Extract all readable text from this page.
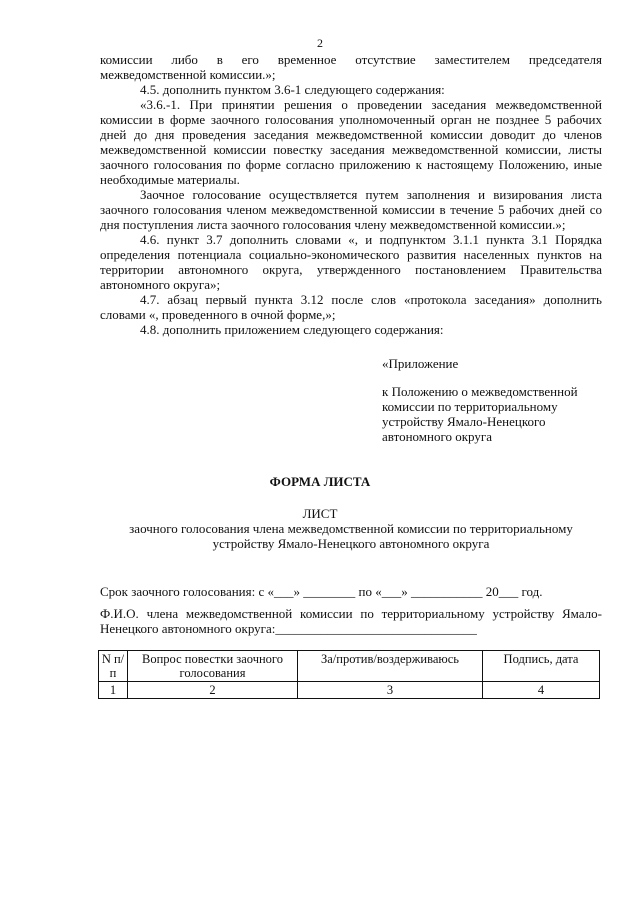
2

комиссии либо в его временное отсутствие заместителем председателя межведомственной комиссии.»;

4.5. дополнить пунктом 3.6-1 следующего содержания:

«3.6.-1. При принятии решения о проведении заседания межведомственной комиссии в форме заочного голосования уполномоченный орган не позднее 5 рабочих дней до дня проведения заседания межведомственной комиссии доводит до членов межведомственной комиссии повестку заседания межведомственной комиссии, листы заочного голосования по форме согласно приложению к настоящему Положению, иные необходимые материалы.

Заочное голосование осуществляется путем заполнения и визирования листа заочного голосования членом межведомственной комиссии в течение 5 рабочих дней со дня поступления листа заочного голосования члену межведомственной комиссии.»;

4.6. пункт 3.7 дополнить словами «, и подпунктом 3.1.1 пункта 3.1 Порядка определения потенциала социально-экономического развития населенных пунктов на территории автономного округа, утвержденного постановлением Правительства автономного округа»;

4.7. абзац первый пункта 3.12 после слов «протокола заседания» дополнить словами «, проведенного в очной форме,»;

4.8. дополнить приложением следующего содержания:

«Приложение
к Положению о межведомственной
комиссии по территориальному
устройству Ямало-Ненецкого
автономного округа
ФОРМА ЛИСТА
ЛИСТ
заочного голосования члена межведомственной комиссии по территориальному устройству Ямало-Ненецкого автономного округа
Срок заочного голосования: с «___» ________ по «___» ___________ 20___ год.
Ф.И.О. члена межведомственной комиссии по территориальному устройству Ямало-Ненецкого автономного округа:_______________________________
N п/п	Вопрос повестки заочного голосования	За/против/воздерживаюсь	Подпись, дата
1	2	3	4
